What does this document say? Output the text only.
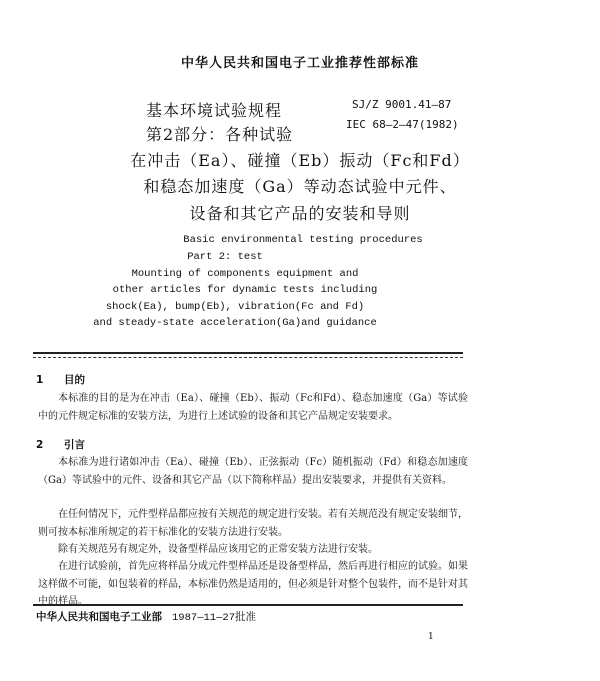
中华人民共和国电子工业推荐性部标准
基本环境试验规程
第2部分：各种试验
SJ/Z 9001.41—87
IEC 68—2—47(1982)
在冲击（Ea）、碰撞（Eb）振动（Fc和Fd）
和稳态加速度（Ga）等动态试验中元件、
设备和其它产品的安装和导则
Basic environmental testing procedures
Part 2: test
Mounting of components equipment and
other articles for dynamic tests including
shock(Ea), bump(Eb), vibration(Fc and Fd)
and steady-state acceleration(Ga)and guidance
1 目的
本标准的目的是为在冲击（Ea）、碰撞（Eb）、振动（Fc和Fd）、稳态加速度（Ga）等试验中的元件规定标准的安装方法，为进行上述试验的设备和其它产品规定安装要求。
2 引言
本标准为进行诸如冲击（Ea）、碰撞（Eb）、正弦振动（Fc）随机振动（Fd）和稳态加速度（Ga）等试验中的元件、设备和其它产品（以下简称样品）提出安装要求，并提供有关资料。
在任何情况下，元件型样品都应按有关规范的规定进行安装。若有关规范没有规定安装细节，则可按本标准所规定的若干标准化的安装方法进行安装。
除有关规范另有规定外，设备型样品应该用它的正常安装方法进行安装。
在进行试验前，首先应将样品分成元件型样品还是设备型样品，然后再进行相应的试验。如果这样做不可能，如包装着的样品，本标准仍然是适用的，但必须是针对整个包装件，而不是针对其中的样品。
中华人民共和国电子工业部 1987—11—27批准
1
